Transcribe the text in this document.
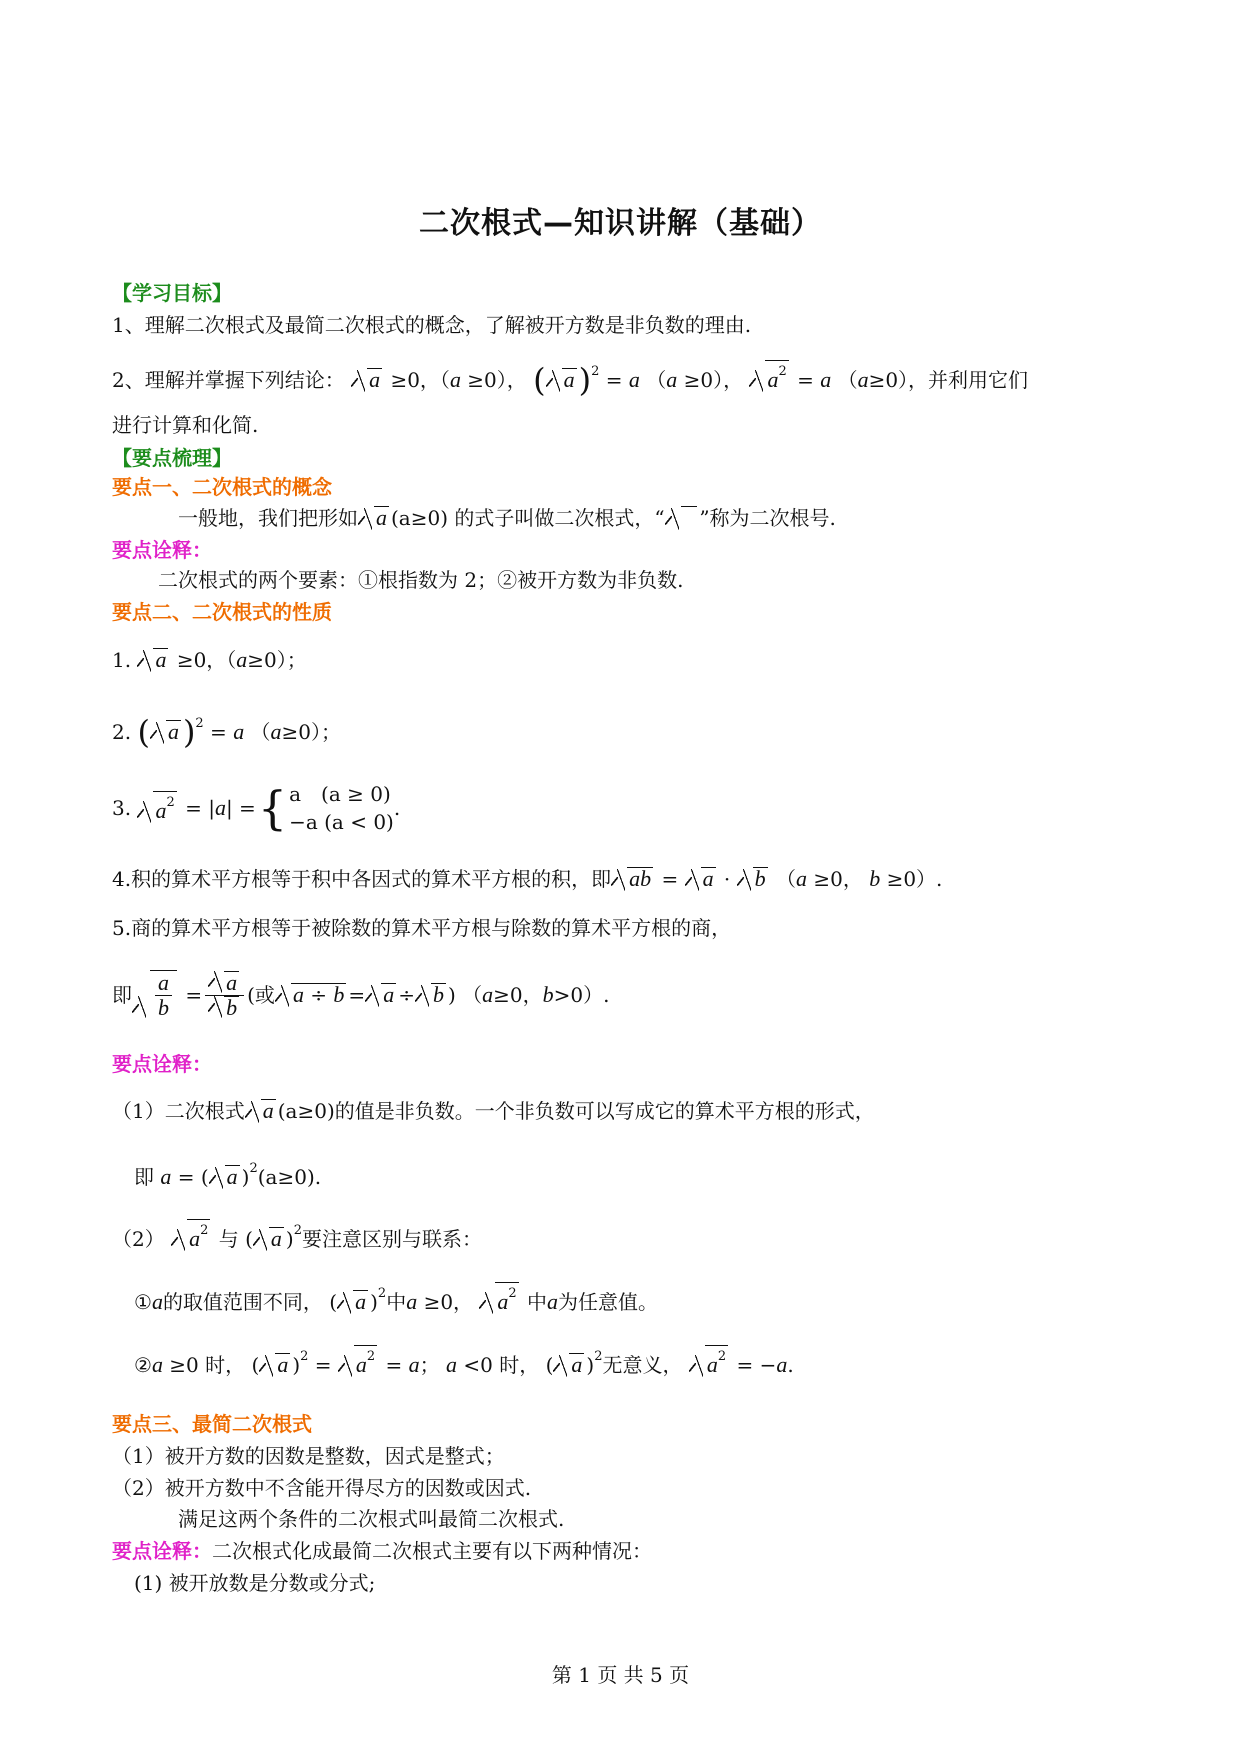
二次根式—知识讲解（基础）
【学习目标】
1、理解二次根式及最简二次根式的概念，了解被开方数是非负数的理由.
2、理解并掌握下列结论： a ≥0，（a ≥0）， ( a )$^2$ = a （a ≥0）， $a^2 = a$ （a≥0），并利用它们
进行计算和化简.
【要点梳理】
要点一、二次根式的概念
一般地，我们把形如 a (a≥0) 的式子叫做二次根式，“ ”称为二次根号.
要点诠释：
二次根式的两个要素：①根指数为 2；②被开方数为非负数.
要点二、二次根式的性质
1. a ≥0，（a≥0）；
2. ( a )$^2$ = a （a≥0）；
3.
	$a^2$ = | a | = { a　(a ≥ 0)
−a (a < 0)
.
4.积的算术平方根等于积中各因式的算术平方根的积，即 ab = a · b （a ≥0， b ≥0）.
5.商的算术平方根等于被除数的算术平方根与除数的算术平方根的商，
即 $\frac{a}{b} = \frac{a}{b}$ (或 a ÷ b = a ÷ b )
（ a ≥0， b >0）.
要点诠释：
（1）二次根式 a (a≥0)的值是非负数。一个非负数可以写成它的算术平方根的形式，
即 a = ( a )$^2$(a≥0).
（2） $a^2$ 与 ( a )$^2$要注意区别与联系：
①a的取值范围不同， ( a )$^2$中a ≥0， $a^2$ 中a为任意值。
②a ≥0 时， ( a )$^2 = a^2 = a$； a <0 时， ( a )$^2$无意义， $a^2 = -a$.
要点三、最简二次根式
（1）被开方数的因数是整数，因式是整式；
（2）被开方数中不含能开得尽方的因数或因式.
满足这两个条件的二次根式叫最简二次根式.
要点诠释：二次根式化成最简二次根式主要有以下两种情况：
(1) 被开放数是分数或分式;
第 1 页 共 5 页
